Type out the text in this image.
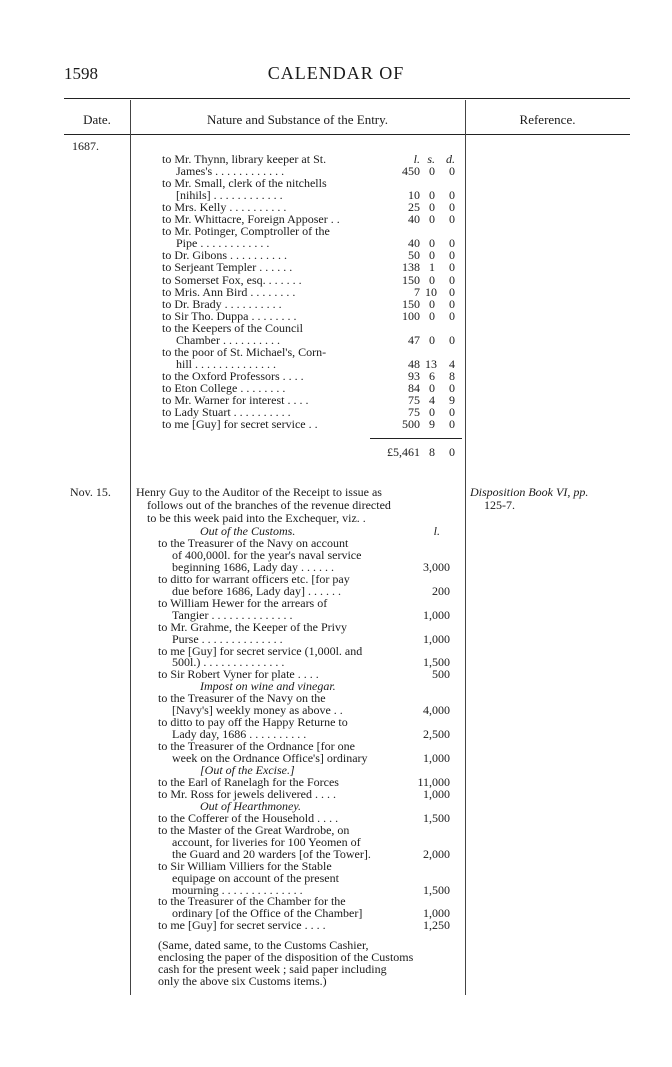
1598	CALENDAR OF
Date.	Nature and Substance of the Entry.	Reference.
1687.
l. s. d.
to Mr. Thynn, library keeper at St.
James's . . . . . . . . . . . .	450 0	0
to Mr. Small, clerk of the nitchells
[nihils] . . . . . . . . . . . .	10 0	0
to Mrs. Kelly . . . . . . . . . .	25 0	0
to Mr. Whittacre, Foreign Apposer . .	40 0	0
to Mr. Potinger, Comptroller of the
Pipe . . . . . . . . . . . .	40 0	0
to Dr. Gibons . . . . . . . . . .	50 0	0
to Serjeant Templer . . . . . .	138 1	0
to Somerset Fox, esq. . . . . . .	150 0	0
to Mris. Ann Bird . . . . . . . .	7 10	0
to Dr. Brady . . . . . . . . . .	150 0	0
to Sir Tho. Duppa . . . . . . . .	100 0	0
to the Keepers of the Council
Chamber . . . . . . . . . .	47 0	0
to the poor of St. Michael's, Corn-
hill . . . . . . . . . . . . . .	48 13	4
to the Oxford Professors . . . .	93 6	8
to Eton College . . . . . . . .	84 0	0
to Mr. Warner for interest . . . .	75 4	9
to Lady Stuart . . . . . . . . . .	75 0	0
to me [Guy] for secret service . .	500 9	0
£5,461 8	0
Nov. 15.	Disposition Book VI, pp.
125-7.
Henry Guy to the Auditor of the Receipt to issue as
follows out of the branches of the revenue directed
to be this week paid into the Exchequer, viz. .
l.
Out of the Customs.
to the Treasurer of the Navy on account
of 400,000l. for the year's naval service
beginning 1686, Lady day . . . . . .	3,000
to ditto for warrant officers etc. [for pay
due before 1686, Lady day] . . . . . .	200
to William Hewer for the arrears of
Tangier . . . . . . . . . . . . . .	1,000
to Mr. Grahme, the Keeper of the Privy
Purse . . . . . . . . . . . . . .	1,000
to me [Guy] for secret service (1,000l. and
500l.) . . . . . . . . . . . . . .	1,500
to Sir Robert Vyner for plate . . . .	500
Impost on wine and vinegar.
to the Treasurer of the Navy on the
[Navy's] weekly money as above . .	4,000
to ditto to pay off the Happy Returne to
Lady day, 1686 . . . . . . . . . .	2,500
to the Treasurer of the Ordnance [for one
week on the Ordnance Office's] ordinary	1,000
[Out of the Excise.]
to the Earl of Ranelagh for the Forces	11,000
to Mr. Ross for jewels delivered . . . .	1,000
Out of Hearthmoney.
to the Cofferer of the Household . . . .	1,500
to the Master of the Great Wardrobe, on
account, for liveries for 100 Yeomen of
the Guard and 20 warders [of the Tower].	2,000
to Sir William Villiers for the Stable
equipage on account of the present
mourning . . . . . . . . . . . . . .	1,500
to the Treasurer of the Chamber for the
ordinary [of the Office of the Chamber]	1,000
to me [Guy] for secret service . . . .	1,250
(Same, dated same, to the Customs Cashier,
enclosing the paper of the disposition of the Customs
cash for the present week ; said paper including
only the above six Customs items.)
